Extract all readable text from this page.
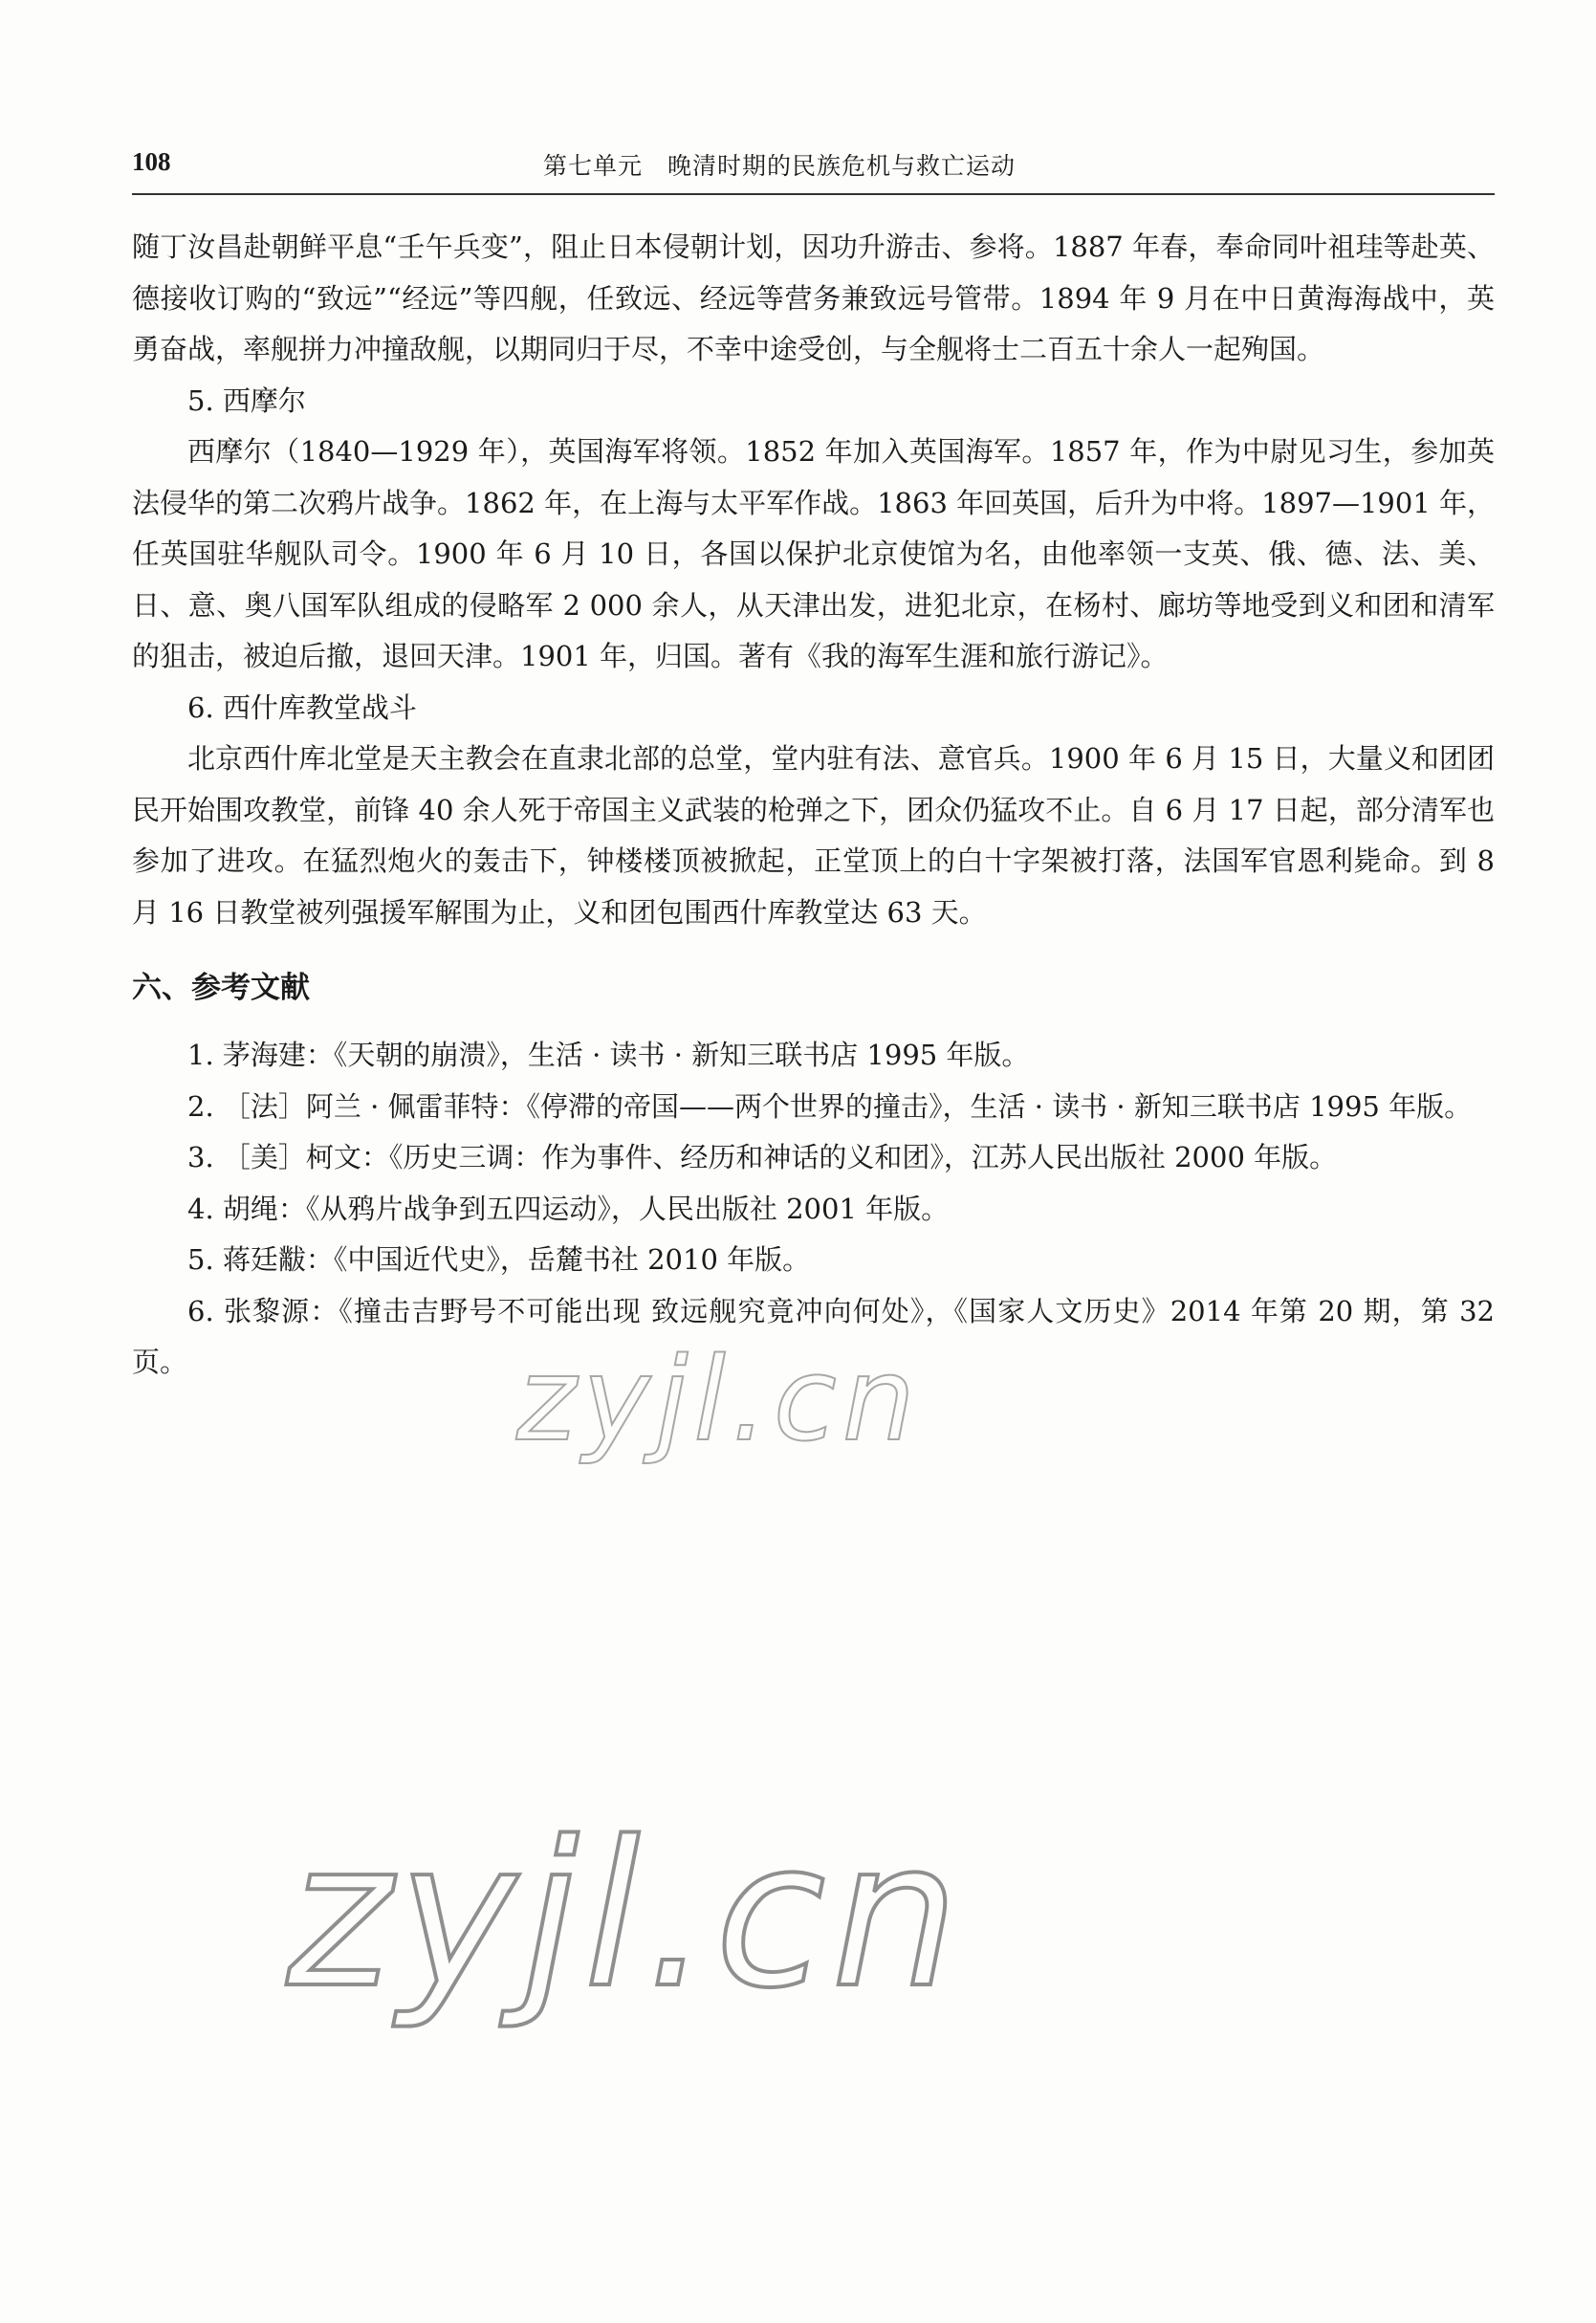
108	第七单元　晚清时期的民族危机与救亡运动

随丁汝昌赴朝鲜平息“壬午兵变”，阻止日本侵朝计划，因功升游击、参将。1887 年春，奉命同叶祖珪等赴英、德接收订购的“致远”“经远”等四舰，任致远、经远等营务兼致远号管带。1894 年 9 月在中日黄海海战中，英勇奋战，率舰拼力冲撞敌舰，以期同归于尽，不幸中途受创，与全舰将士二百五十余人一起殉国。

5. 西摩尔

西摩尔（1840—1929 年），英国海军将领。1852 年加入英国海军。1857 年，作为中尉见习生，参加英法侵华的第二次鸦片战争。1862 年，在上海与太平军作战。1863 年回英国，后升为中将。1897—1901 年，任英国驻华舰队司令。1900 年 6 月 10 日，各国以保护北京使馆为名，由他率领一支英、俄、德、法、美、日、意、奥八国军队组成的侵略军 2 000 余人，从天津出发，进犯北京，在杨村、廊坊等地受到义和团和清军的狙击，被迫后撤，退回天津。1901 年，归国。著有《我的海军生涯和旅行游记》。

6. 西什库教堂战斗

北京西什库北堂是天主教会在直隶北部的总堂，堂内驻有法、意官兵。1900 年 6 月 15 日，大量义和团团民开始围攻教堂，前锋 40 余人死于帝国主义武装的枪弹之下，团众仍猛攻不止。自 6 月 17 日起，部分清军也参加了进攻。在猛烈炮火的轰击下，钟楼楼顶被掀起，正堂顶上的白十字架被打落，法国军官恩利毙命。到 8 月 16 日教堂被列强援军解围为止，义和团包围西什库教堂达 63 天。

六、参考文献

1. 茅海建：《天朝的崩溃》，生活 · 读书 · 新知三联书店 1995 年版。
2. ［法］阿兰 · 佩雷菲特：《停滞的帝国——两个世界的撞击》，生活 · 读书 · 新知三联书店 1995 年版。
3. ［美］柯文：《历史三调：作为事件、经历和神话的义和团》，江苏人民出版社 2000 年版。
4. 胡绳：《从鸦片战争到五四运动》，人民出版社 2001 年版。
5. 蒋廷黻：《中国近代史》，岳麓书社 2010 年版。
6. 张黎源：《撞击吉野号不可能出现 致远舰究竟冲向何处》，《国家人文历史》2014 年第 20 期，第 32 页。	zyjl.cn
zyjl.cn
